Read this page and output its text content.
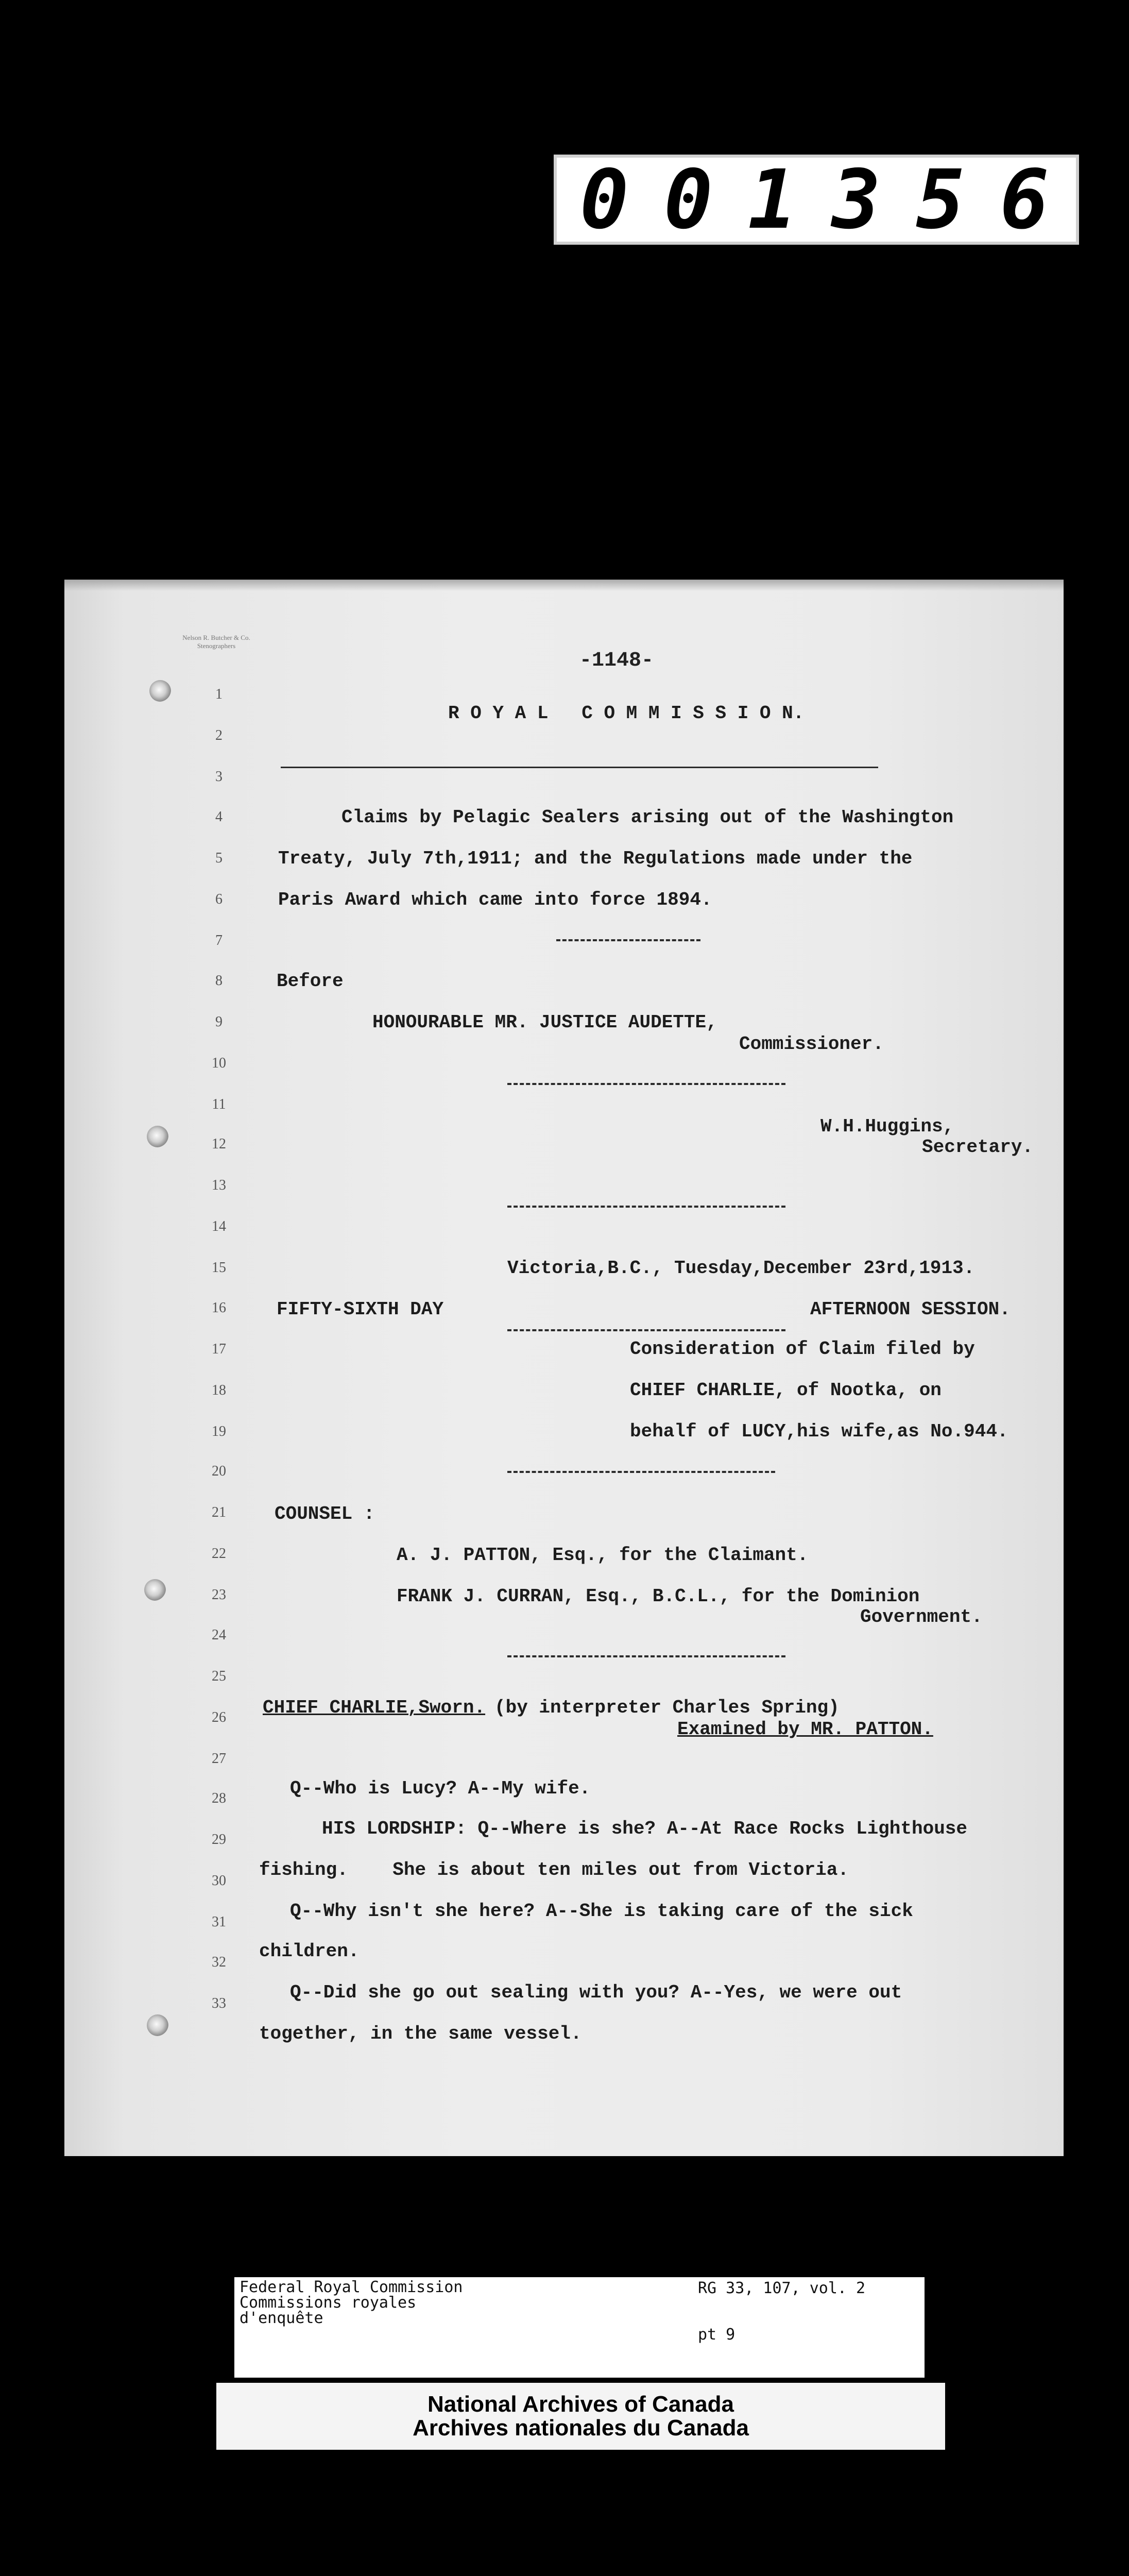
001356
Nelson R. Butcher & Co.
Stenographers
-1148-
1
2
3
4
5
6
7
8
9
10
11
12
13
14
15
16
17
18
19
20
21
22
23
24
25
26
27
28
29
30
31
32
33
R O Y A L   C O M M I S S I O N.
Claims by Pelagic Sealers arising out of the Washington
Treaty, July 7th,1911; and the Regulations made under the
Paris Award which came into force 1894.
Before
HONOURABLE MR. JUSTICE AUDETTE,
Commissioner.
W.H.Huggins,
Secretary.
Victoria,B.C., Tuesday,December 23rd,1913.
FIFTY-SIXTH DAY	AFTERNOON SESSION.
Consideration of Claim filed by
CHIEF CHARLIE, of Nootka, on
behalf of LUCY,his wife,as No.944.
COUNSEL :
A. J. PATTON, Esq., for the Claimant.
FRANK J. CURRAN, Esq., B.C.L., for the Dominion
Government.
CHIEF CHARLIE,Sworn. (by interpreter Charles Spring)
Examined by MR. PATTON.
Q--Who is Lucy? A--My wife.
HIS LORDSHIP: Q--Where is she? A--At Race Rocks Lighthouse
fishing.    She is about ten miles out from Victoria.
Q--Why isn't she here? A--She is taking care of the sick
children.
Q--Did she go out sealing with you? A--Yes, we were out
together, in the same vessel.
Federal Royal Commission
Commissions royales
d'enquête
RG 33, 107, vol. 2
pt 9
National Archives of Canada
Archives nationales du Canada
